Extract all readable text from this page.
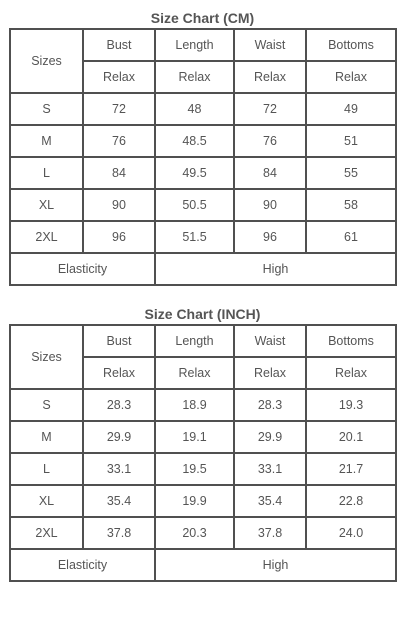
Size Chart (CM)
Sizes	Bust	Length	Waist	Bottoms
	Relax	Relax	Relax	Relax
S	72	48	72	49
M	76	48.5	76	51
L	84	49.5	84	55
XL	90	50.5	90	58
2XL	96	51.5	96	61
Elasticity		High		
Size Chart (INCH)
Sizes	Bust	Length	Waist	Bottoms
	Relax	Relax	Relax	Relax
S	28.3	18.9	28.3	19.3
M	29.9	19.1	29.9	20.1
L	33.1	19.5	33.1	21.7
XL	35.4	19.9	35.4	22.8
2XL	37.8	20.3	37.8	24.0
Elasticity		High		
